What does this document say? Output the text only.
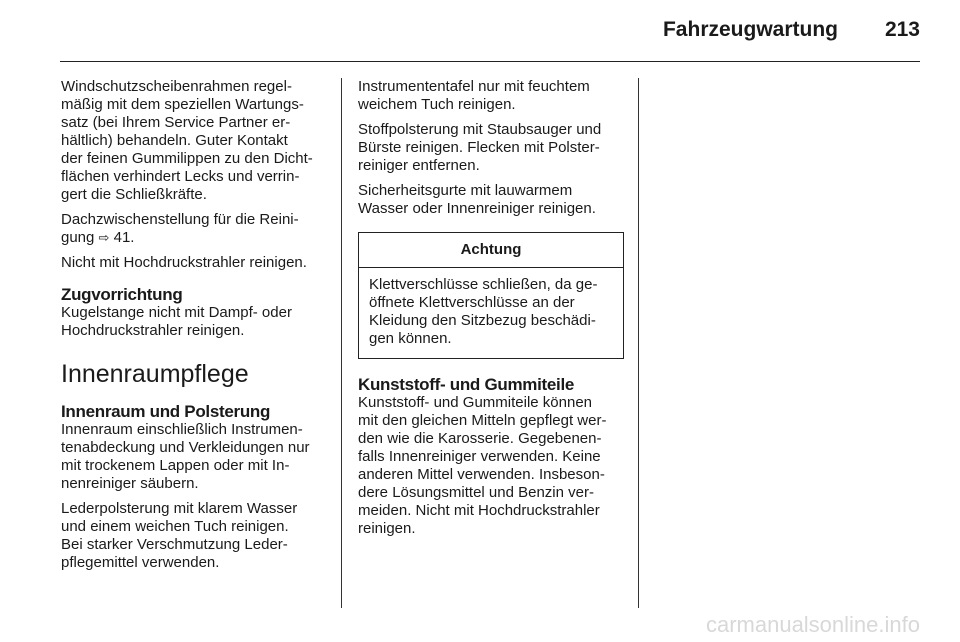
Fahrzeugwartung 213
Windschutzscheibenrahmen regel-
mäßig mit dem speziellen Wartungs-
satz (bei Ihrem Service Partner er-
hältlich) behandeln. Guter Kontakt
der feinen Gummilippen zu den Dicht-
flächen verhindert Lecks und verrin-
gert die Schließkräfte.
Dachzwischenstellung für die Reini-
gung ⇨ 41.
Nicht mit Hochdruckstrahler reinigen.
Zugvorrichtung
Kugelstange nicht mit Dampf- oder
Hochdruckstrahler reinigen.
Innenraumpflege
Innenraum und Polsterung
Innenraum einschließlich Instrumen-
tenabdeckung und Verkleidungen nur
mit trockenem Lappen oder mit In-
nenreiniger säubern.
Lederpolsterung mit klarem Wasser
und einem weichen Tuch reinigen.
Bei starker Verschmutzung Leder-
pflegemittel verwenden.
Instrumententafel nur mit feuchtem
weichem Tuch reinigen.
Stoffpolsterung mit Staubsauger und
Bürste reinigen. Flecken mit Polster-
reiniger entfernen.
Sicherheitsgurte mit lauwarmem
Wasser oder Innenreiniger reinigen.
Achtung
Klettverschlüsse schließen, da ge-
öffnete Klettverschlüsse an der
Kleidung den Sitzbezug beschädi-
gen können.
Kunststoff- und Gummiteile
Kunststoff- und Gummiteile können
mit den gleichen Mitteln gepflegt wer-
den wie die Karosserie. Gegebenen-
falls Innenreiniger verwenden. Keine
anderen Mittel verwenden. Insbeson-
dere Lösungsmittel und Benzin ver-
meiden. Nicht mit Hochdruckstrahler
reinigen.
carmanualsonline.info
